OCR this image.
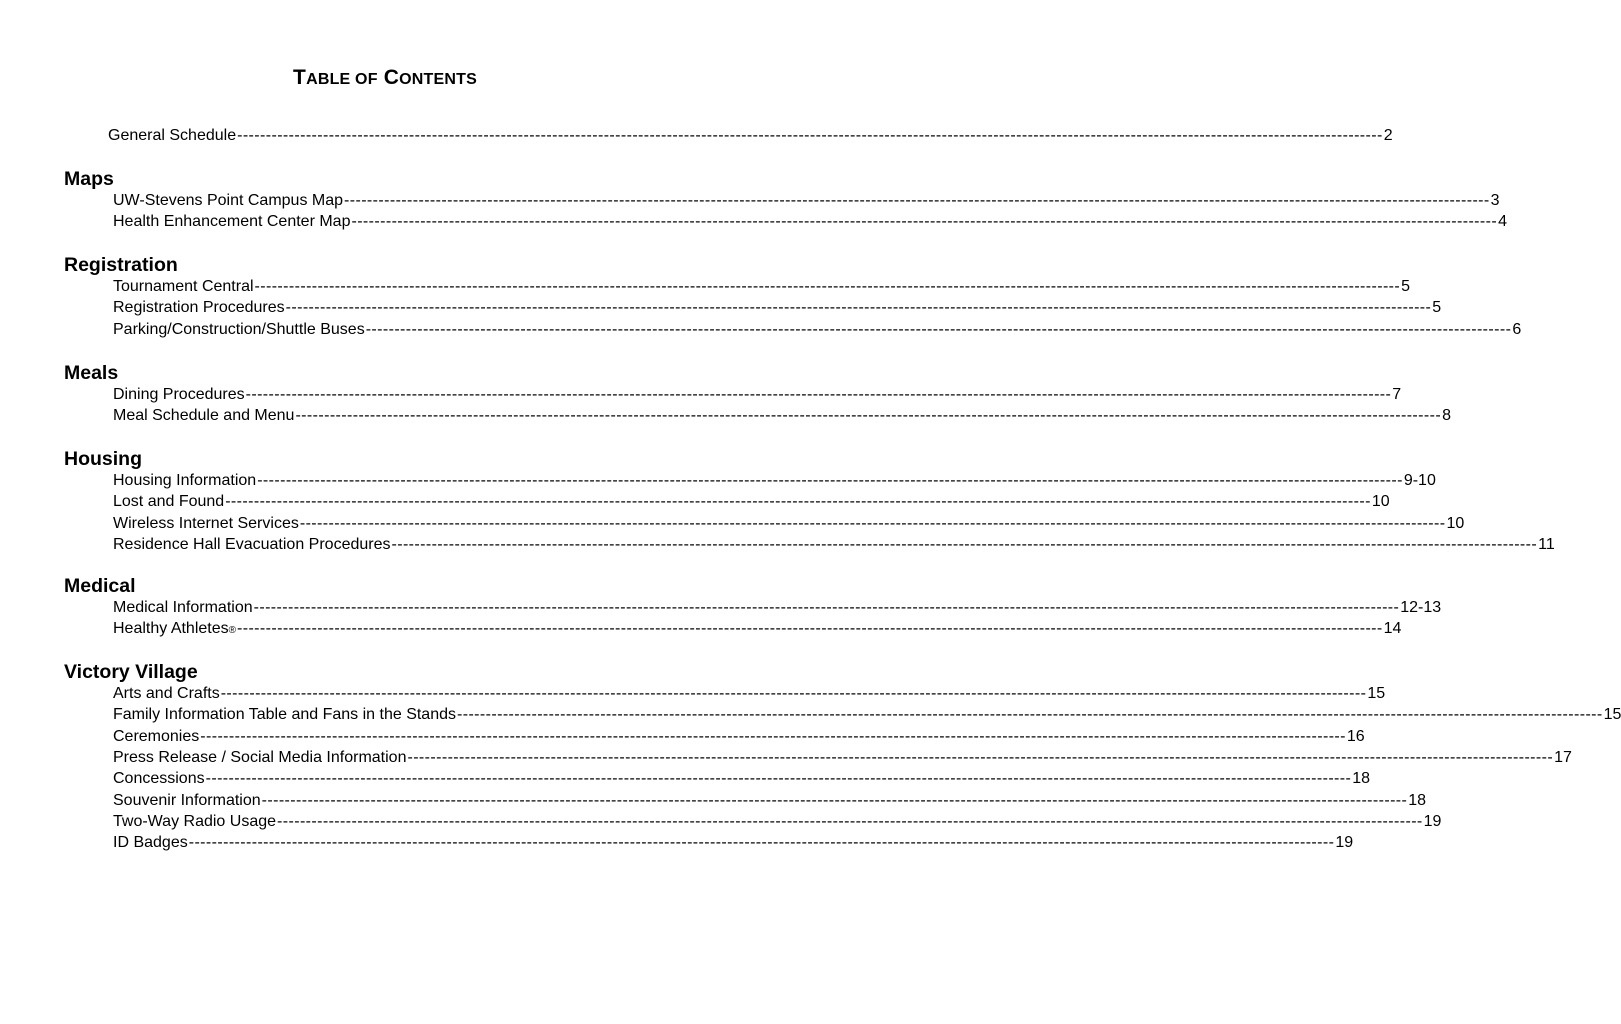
TABLE OF CONTENTS
General Schedule -------------------------------------------------------------------------------------------------------------------------------------------------------------------------------------------------------- 2
Maps
UW-Stevens Point Campus Map -------------------------------------------------------------------------------------------------------------------------------------------------------------------------------------------------------- 3
Health Enhancement Center Map -------------------------------------------------------------------------------------------------------------------------------------------------------------------------------------------------------- 4
Registration
Tournament Central -------------------------------------------------------------------------------------------------------------------------------------------------------------------------------------------------------- 5
Registration Procedures -------------------------------------------------------------------------------------------------------------------------------------------------------------------------------------------------------- 5
Parking/Construction/Shuttle Buses -------------------------------------------------------------------------------------------------------------------------------------------------------------------------------------------------------- 6
Meals
Dining Procedures -------------------------------------------------------------------------------------------------------------------------------------------------------------------------------------------------------- 7
Meal Schedule and Menu -------------------------------------------------------------------------------------------------------------------------------------------------------------------------------------------------------- 8
Housing
Housing Information -------------------------------------------------------------------------------------------------------------------------------------------------------------------------------------------------------- 9-10
Lost and Found -------------------------------------------------------------------------------------------------------------------------------------------------------------------------------------------------------- 10
Wireless Internet Services -------------------------------------------------------------------------------------------------------------------------------------------------------------------------------------------------------- 10
Residence Hall Evacuation Procedures -------------------------------------------------------------------------------------------------------------------------------------------------------------------------------------------------------- 11
Medical
Medical Information -------------------------------------------------------------------------------------------------------------------------------------------------------------------------------------------------------- 12-13
Healthy Athletes ® -------------------------------------------------------------------------------------------------------------------------------------------------------------------------------------------------------- 14
Victory Village
Arts and Crafts -------------------------------------------------------------------------------------------------------------------------------------------------------------------------------------------------------- 15
Family Information Table and Fans in the Stands -------------------------------------------------------------------------------------------------------------------------------------------------------------------------------------------------------- 15
Ceremonies -------------------------------------------------------------------------------------------------------------------------------------------------------------------------------------------------------- 16
Press Release / Social Media Information -------------------------------------------------------------------------------------------------------------------------------------------------------------------------------------------------------- 17
Concessions -------------------------------------------------------------------------------------------------------------------------------------------------------------------------------------------------------- 18
Souvenir Information -------------------------------------------------------------------------------------------------------------------------------------------------------------------------------------------------------- 18
Two-Way Radio Usage -------------------------------------------------------------------------------------------------------------------------------------------------------------------------------------------------------- 19
ID Badges -------------------------------------------------------------------------------------------------------------------------------------------------------------------------------------------------------- 19
